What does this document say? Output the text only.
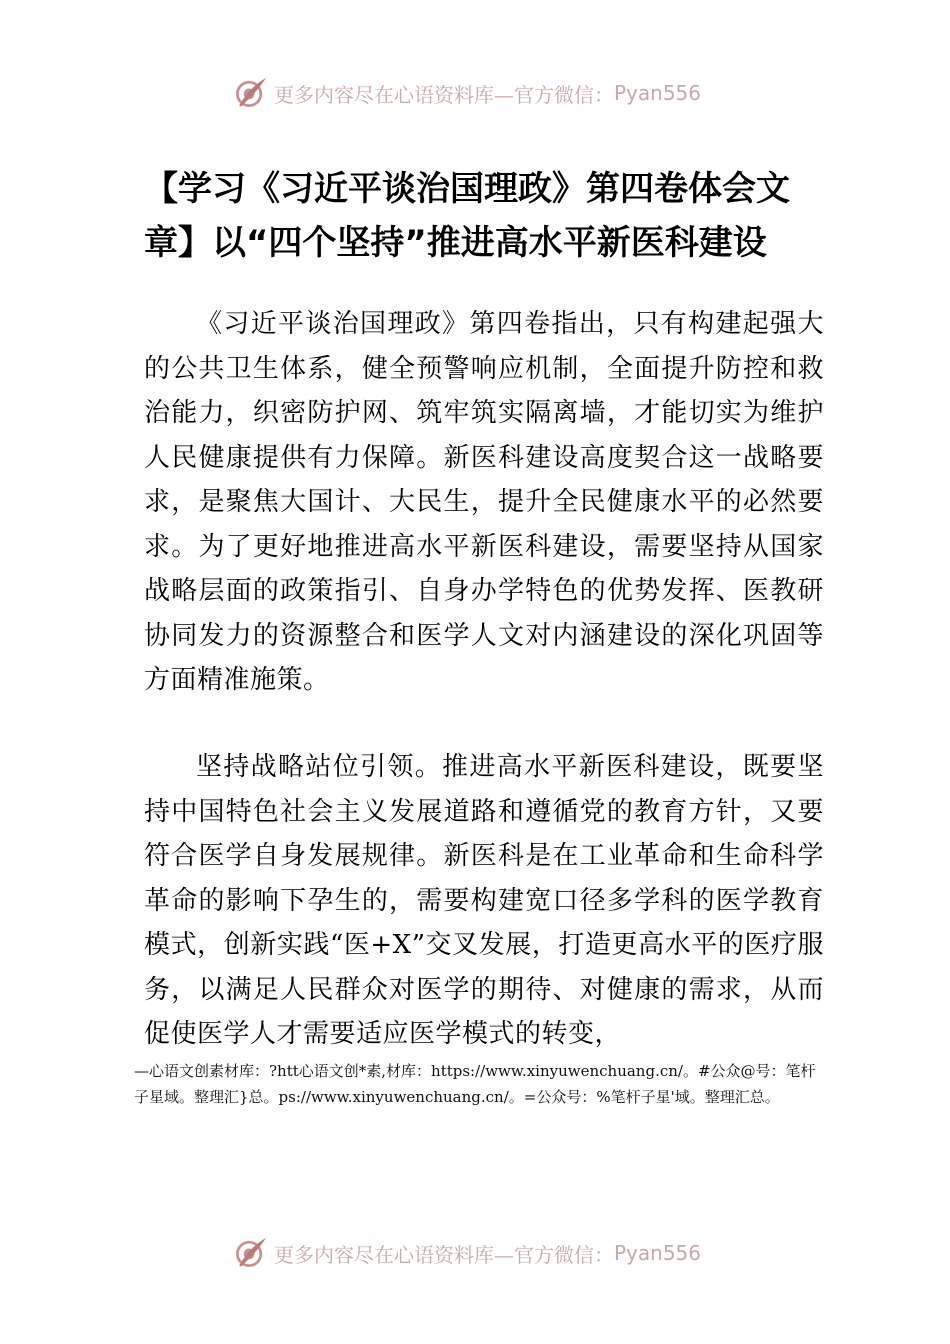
更多内容尽在心语资料库—官方微信： Pyan556
【学习《习近平谈治国理政》第四卷体会文章】以“四个坚持”推进高水平新医科建设

《习近平谈治国理政》第四卷指出，只有构建起强大的公共卫生体系，健全预警响应机制，全面提升防控和救治能力，织密防护网、筑牢筑实隔离墙，才能切实为维护人民健康提供有力保障。新医科建设高度契合这一战略要求，是聚焦大国计、大民生，提升全民健康水平的必然要求。为了更好地推进高水平新医科建设，需要坚持从国家战略层面的政策指引、自身办学特色的优势发挥、医教研协同发力的资源整合和医学人文对内涵建设的深化巩固等方面精准施策。

坚持战略站位引领。推进高水平新医科建设，既要坚持中国特色社会主义发展道路和遵循党的教育方针，又要符合医学自身发展规律。新医科是在工业革命和生命科学革命的影响下孕生的，需要构建宽口径多学科的医学教育模式，创新实践“医+X”交叉发展，打造更高水平的医疗服务，以满足人民群众对医学的期待、对健康的需求，从而促使医学人才需要适应医学模式的转变，

—心语文创素材库：?htt心语文创*素,材库：https://www.xinyuwenchuang.cn/。#公众@号：笔杆子星域。整理汇}总。ps://www.xinyuwenchuang.cn/。=公众号：%笔杆子星'域。整理汇总。

更多内容尽在心语资料库—官方微信： Pyan556
